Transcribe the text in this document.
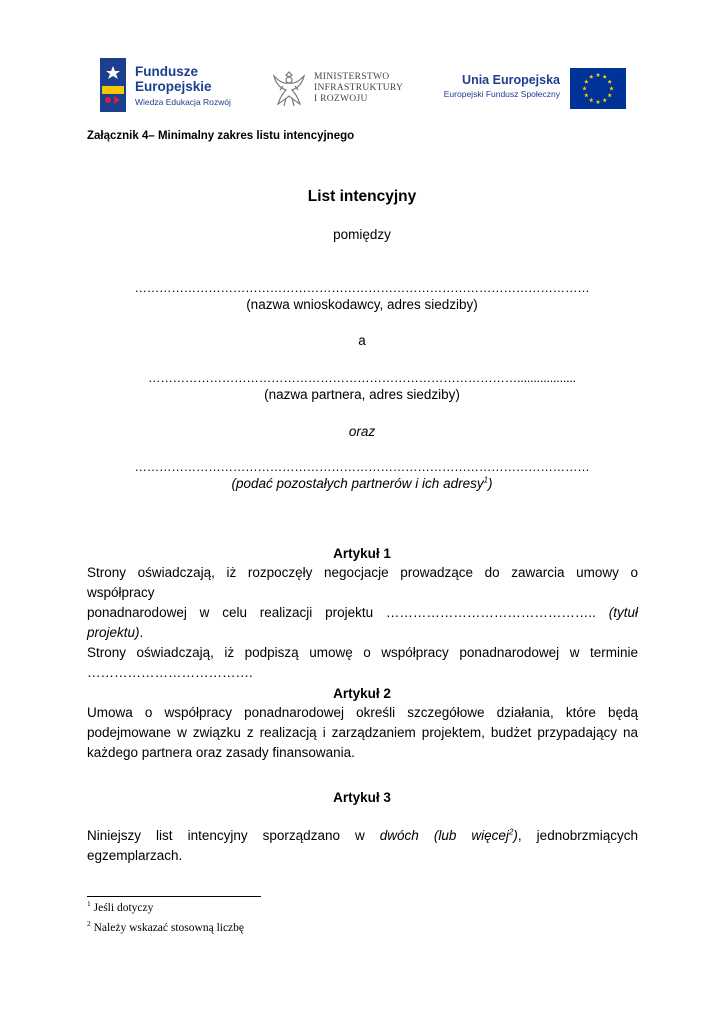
Fundusze
Europejskie
Wiedza Edukacja Rozwój
MINISTERSTWO
INFRASTRUKTURY
I ROZWOJU
Unia Europejska
Europejski Fundusz Społeczny
Załącznik 4– Minimalny zakres listu intencyjnego
List intencyjny
pomiędzy
…………………………………………………………………………………………………
(nazwa wnioskodawcy, adres siedziby)
a
………………………………………………………………………………..................
(nazwa partnera, adres siedziby)
oraz
…………………………………………………………………………………………………
(podać pozostałych partnerów i ich adresy$^1$)
Artykuł 1
Strony oświadczają, iż rozpoczęły negocjacje prowadzące do zawarcia umowy o współpracy
ponadnarodowej w celu realizacji projektu ……………………………………….. (tytuł projektu).
Strony oświadczają, iż podpiszą umowę o współpracy ponadnarodowej w terminie
……………………………….
Artykuł 2
Umowa o współpracy ponadnarodowej określi szczegółowe działania, które będą
podejmowane w związku z realizacją i zarządzaniem projektem, budżet przypadający na
każdego partnera oraz zasady finansowania.
Artykuł 3
Niniejszy list intencyjny sporządzano w dwóch (lub więcej$^2$), jednobrzmiących egzemplarzach.
$^1$ Jeśli dotyczy
$^2$ Należy wskazać stosowną liczbę
